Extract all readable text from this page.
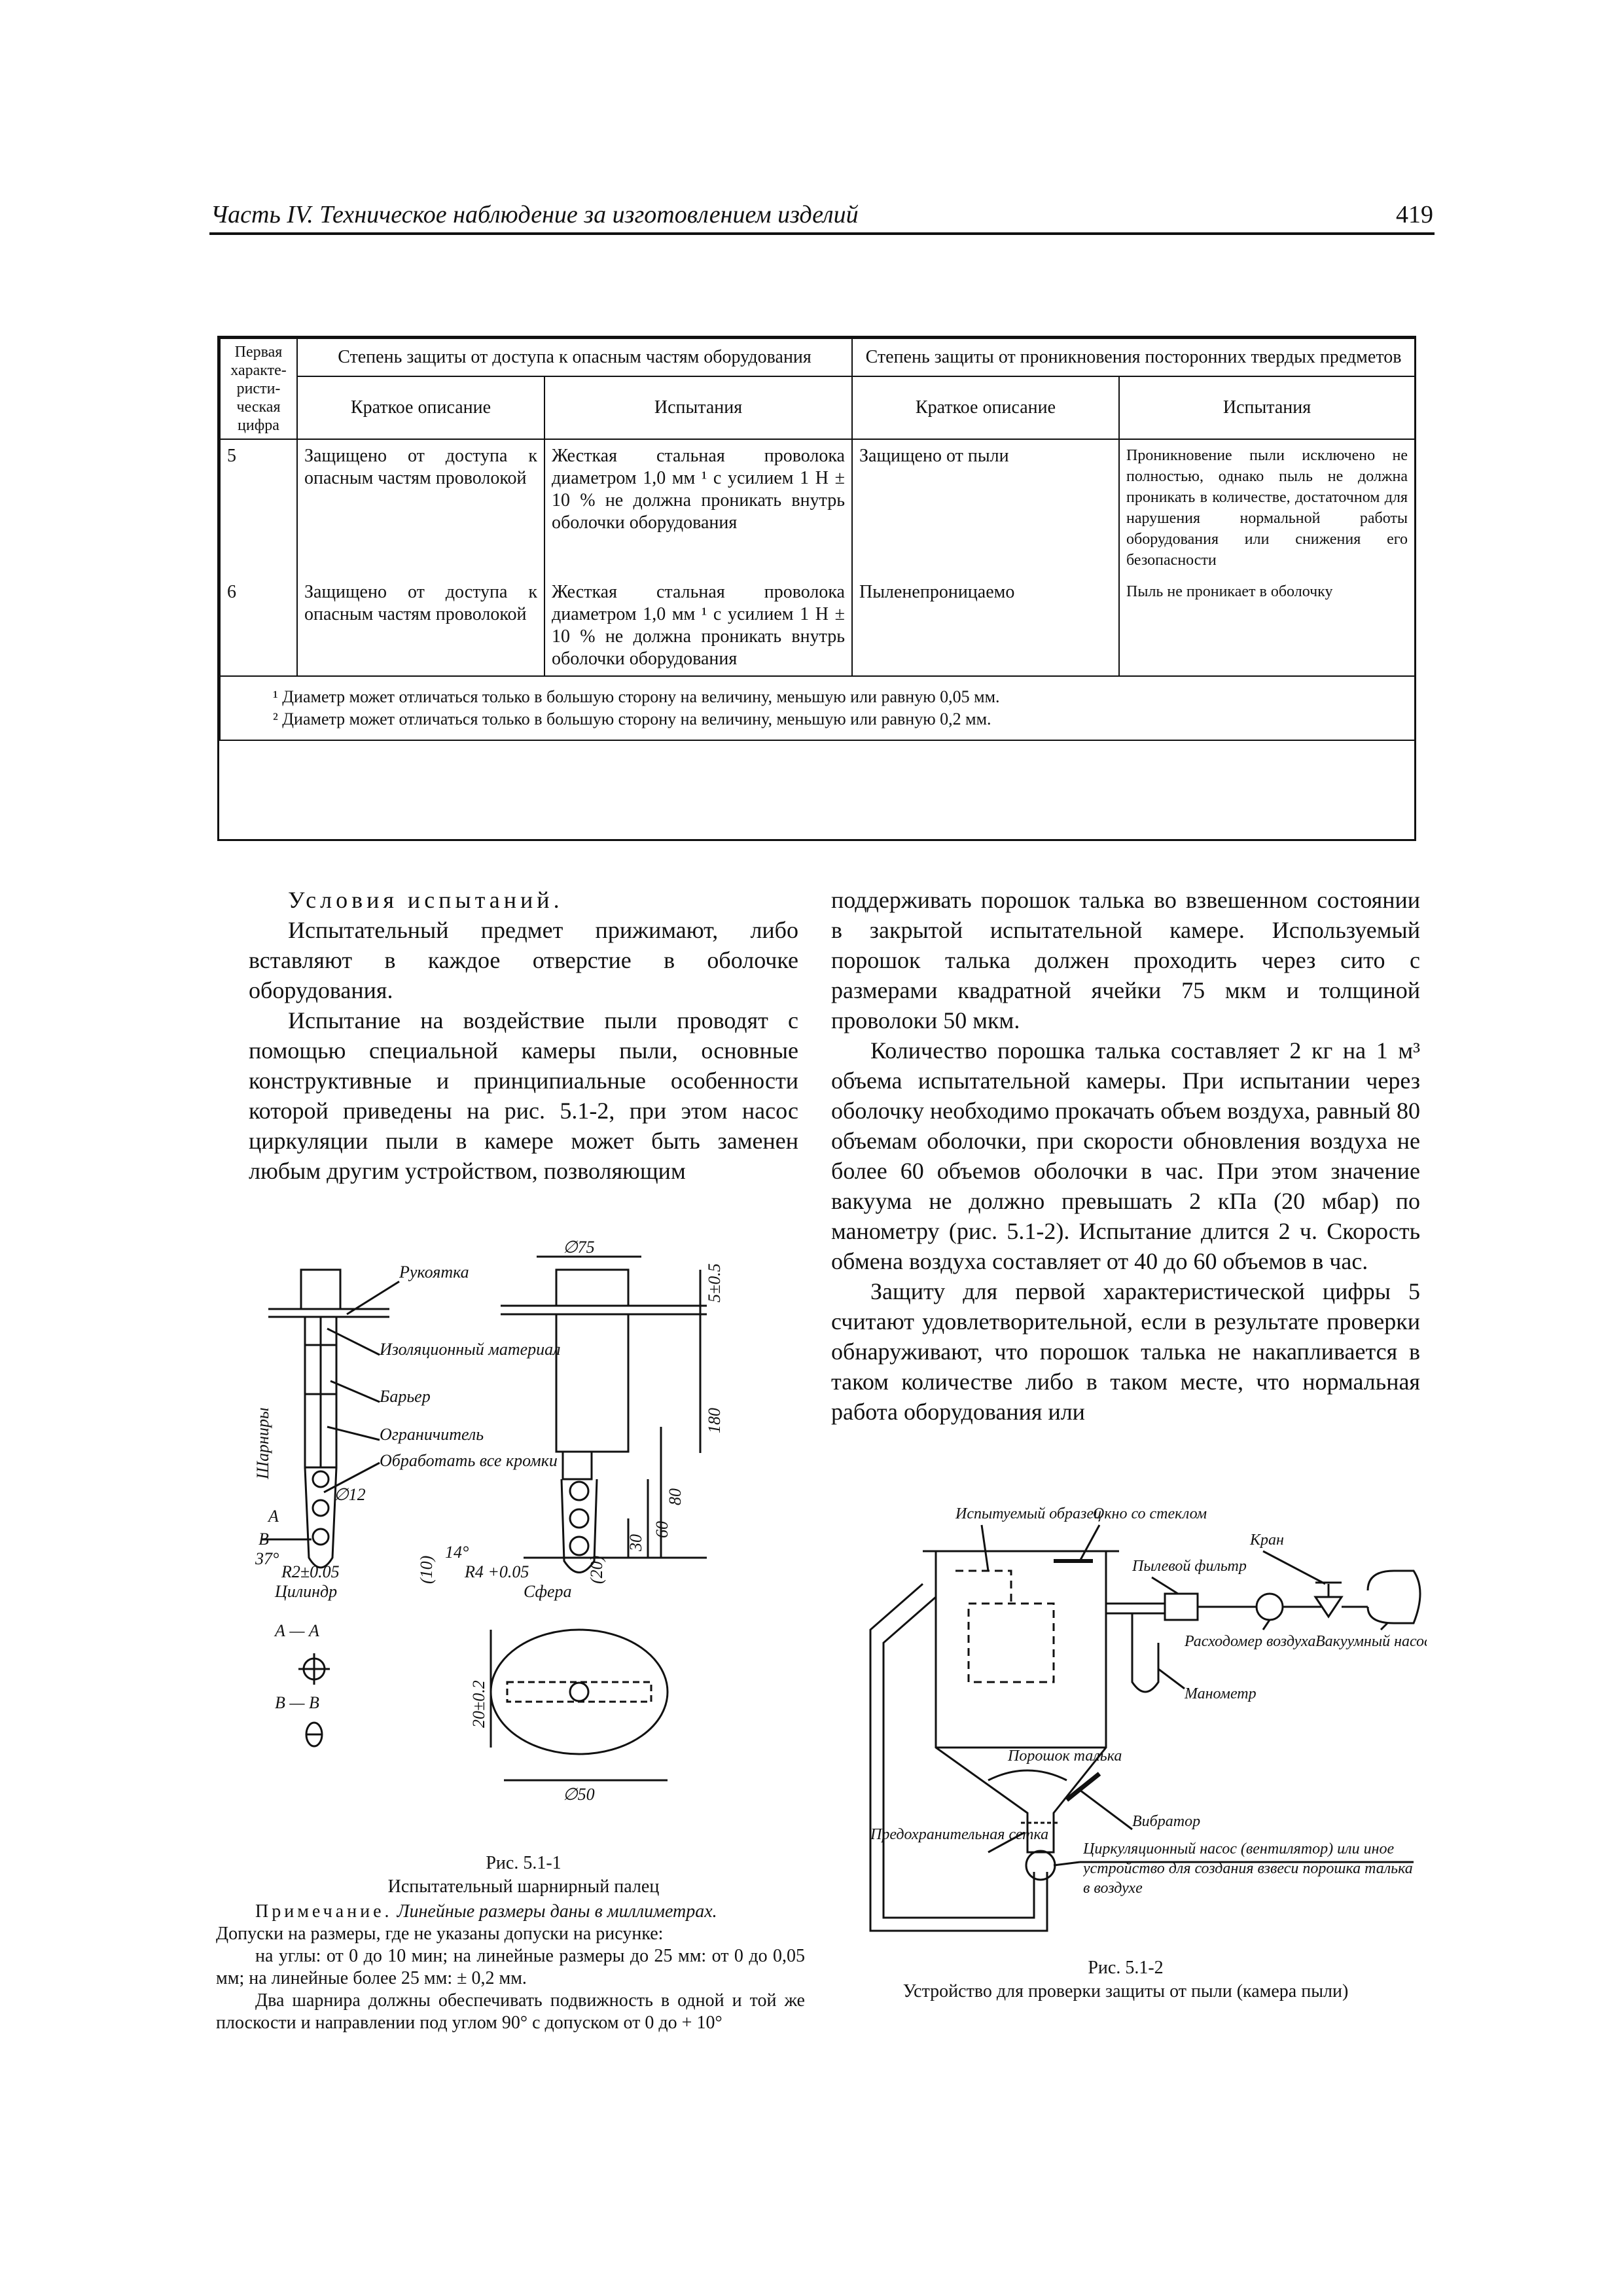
Часть IV. Техническое наблюдение за изготовлением изделий	419
Первая характе-ристи-ческая цифра	Степень защиты от доступа к опасным частям оборудования		Степень защиты от проникновения посторонних твердых предметов	
	Краткое описание	Испытания	Краткое описание	Испытания
5	Защищено от доступа к опасным частям проволокой	Жесткая стальная проволока диаметром 1,0 мм ¹ с усилием 1 Н ± 10 % не должна проникать внутрь оболочки оборудования	Защищено от пыли	Проникновение пыли исключено не полностью, однако пыль не должна проникать в количестве, достаточном для нарушения нормальной работы оборудования или снижения его безопасности
6	Защищено от доступа к опасным частям проволокой	Жесткая стальная проволока диаметром 1,0 мм ¹ с усилием 1 Н ± 10 % не должна проникать внутрь оболочки оборудования	Пыленепроницаемо	Пыль не проникает в оболочку

¹ Диаметр может отличаться только в большую сторону на величину, меньшую или равную 0,05 мм.
² Диаметр может отличаться только в большую сторону на величину, меньшую или равную 0,2 мм.				

Условия испытаний.

Испытательный предмет прижимают, либо вставляют в каждое отверстие в оболочке оборудования.

Испытание на воздействие пыли проводят с помощью специальной камеры пыли, основные конструктивные и принципиальные особенности которой приведены на рис. 5.1-2, при этом насос циркуляции пыли в камере может быть заменен любым другим устройством, позволяющим

поддерживать порошок талька во взвешенном состоянии в закрытой испытательной камере. Используемый порошок талька должен проходить через сито с размерами квадратной ячейки 75 мкм и толщиной проволоки 50 мкм.

Количество порошка талька составляет 2 кг на 1 м³ объема испытательной камеры. При испытании через оболочку необходимо прокачать объем воздуха, равный 80 объемам оболочки, при скорости обновления воздуха не более 60 объемов оболочки в час. При этом значение вакуума не должно превышать 2 кПа (20 мбар) по манометру (рис. 5.1-2). Испытание длится 2 ч. Скорость обмена воздуха составляет от 40 до 60 объемов в час.

Защиту для первой характеристической цифры 5 считают удовлетворительной, если в результате проверки обнаруживают, что порошок талька не накапливается в таком количестве либо в таком месте, что нормальная работа оборудования или

Рукоятка
Изоляционный материал
Барьер
Ограничитель
Обработать все кромки
Цилиндр	Сфера
∅12
∅75
∅50
R2±0.05	R4 +0.05
37°	14°
А — А
В — В
А
В
Шарниры
5±0.5
180
80
60
30
(10)	(20)
20±0.2
Рис. 5.1-1
Испытательный шарнирный палец
Примечание. Линейные размеры даны в миллиметрах.
Допуски на размеры, где не указаны допуски на рисунке:
на углы: от 0 до 10 мин; на линейные размеры до 25 мм: от 0 до 0,05 мм; на линейные более 25 мм: ± 0,2 мм.
Два шарнира должны обеспечивать подвижность в одной и той же плоскости и направлении под углом 90° с допуском от 0 до + 10°
Испытуемый образец
Окно со стеклом
Пылевой фильтр
Кран
Расходомер воздуха Вакуумный насос
Манометр
Порошок талька
Вибратор
Предохранительная сетка
Циркуляционный насос (вентилятор) или иное устройство для создания взвеси порошка талька в воздухе
Рис. 5.1-2
Устройство для проверки защиты от пыли (камера пыли)
